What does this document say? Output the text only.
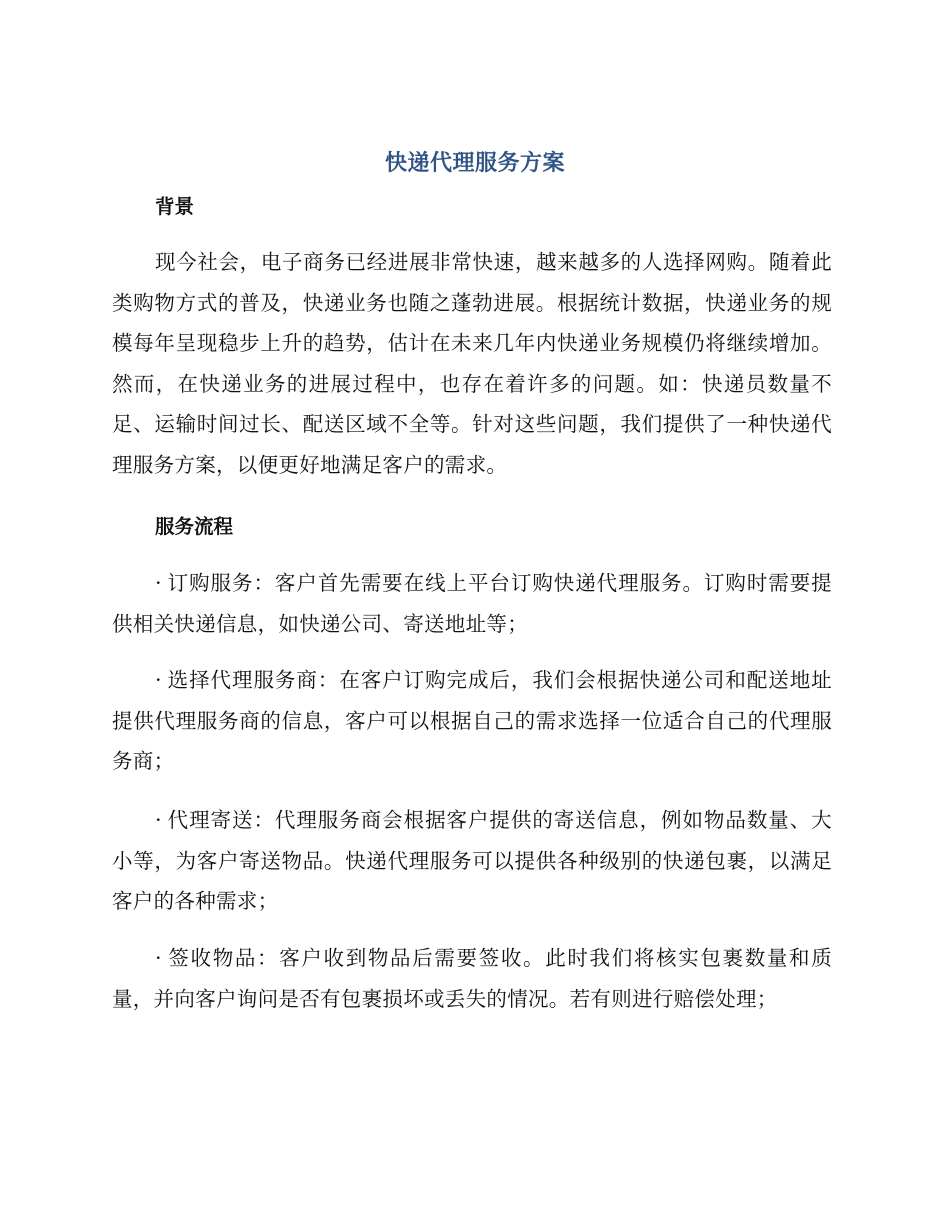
快递代理服务方案
背景

现今社会，电子商务已经进展非常快速，越来越多的人选择网购。随着此类购物方式的普及，快递业务也随之蓬勃进展。根据统计数据，快递业务的规模每年呈现稳步上升的趋势，估计在未来几年内快递业务规模仍将继续增加。然而，在快递业务的进展过程中，也存在着许多的问题。如：快递员数量不足、运输时间过长、配送区域不全等。针对这些问题，我们提供了一种快递代理服务方案，以便更好地满足客户的需求。

服务流程

· 订购服务：客户首先需要在线上平台订购快递代理服务。订购时需要提供相关快递信息，如快递公司、寄送地址等；

· 选择代理服务商：在客户订购完成后，我们会根据快递公司和配送地址提供代理服务商的信息，客户可以根据自己的需求选择一位适合自己的代理服务商；

· 代理寄送：代理服务商会根据客户提供的寄送信息，例如物品数量、大小等，为客户寄送物品。快递代理服务可以提供各种级别的快递包裹，以满足客户的各种需求；

· 签收物品：客户收到物品后需要签收。此时我们将核实包裹数量和质量，并向客户询问是否有包裹损坏或丢失的情况。若有则进行赔偿处理；
